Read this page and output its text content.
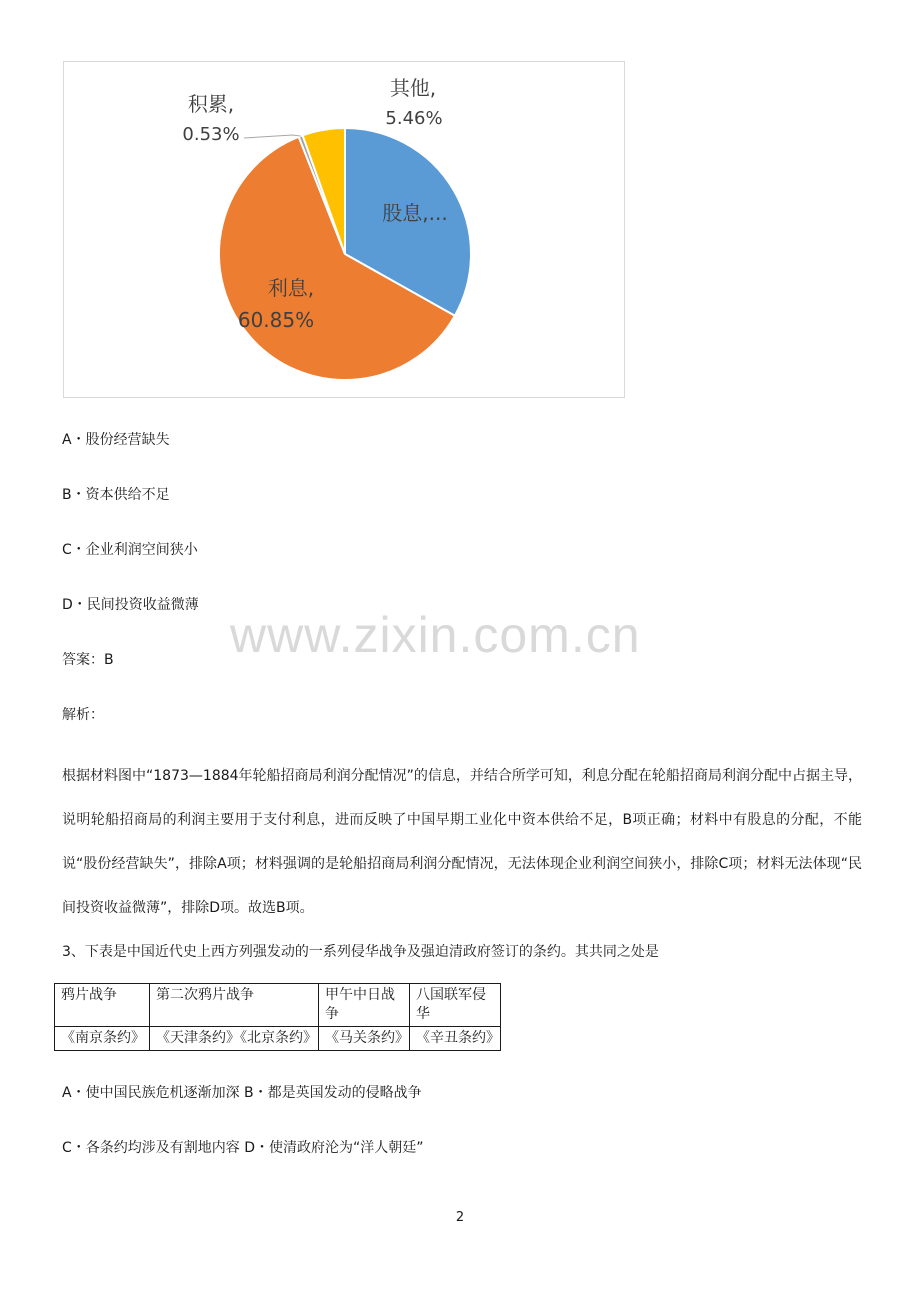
股息,...
利息,
60.85%
积累,
0.53%
其他,
5.46%
A・股份经营缺失
B・资本供给不足
C・企业利润空间狭小
D・民间投资收益微薄
www.zixin.com.cn
答案：B
解析：
根据材料图中“1873—1884年轮船招商局利润分配情况”的信息，并结合所学可知，利息分配在轮船招商局利润分配中占据主导，说明轮船招商局的利润主要用于支付利息，进而反映了中国早期工业化中资本供给不足，B项正确；材料中有股息的分配，不能说“股份经营缺失”，排除A项；材料强调的是轮船招商局利润分配情况，无法体现企业利润空间狭小，排除C项；材料无法体现“民间投资收益微薄”，排除D项。故选B项。
3、下表是中国近代史上西方列强发动的一系列侵华战争及强迫清政府签订的条约。其共同之处是
鸦片战争	第二次鸦片战争	甲午中日战争	八国联军侵华
《南京条约》	《天津条约》《北京条约》	《马关条约》	《辛丑条约》
A・使中国民族危机逐渐加深 B・都是英国发动的侵略战争
C・各条约均涉及有割地内容 D・使清政府沦为“洋人朝廷”
2
